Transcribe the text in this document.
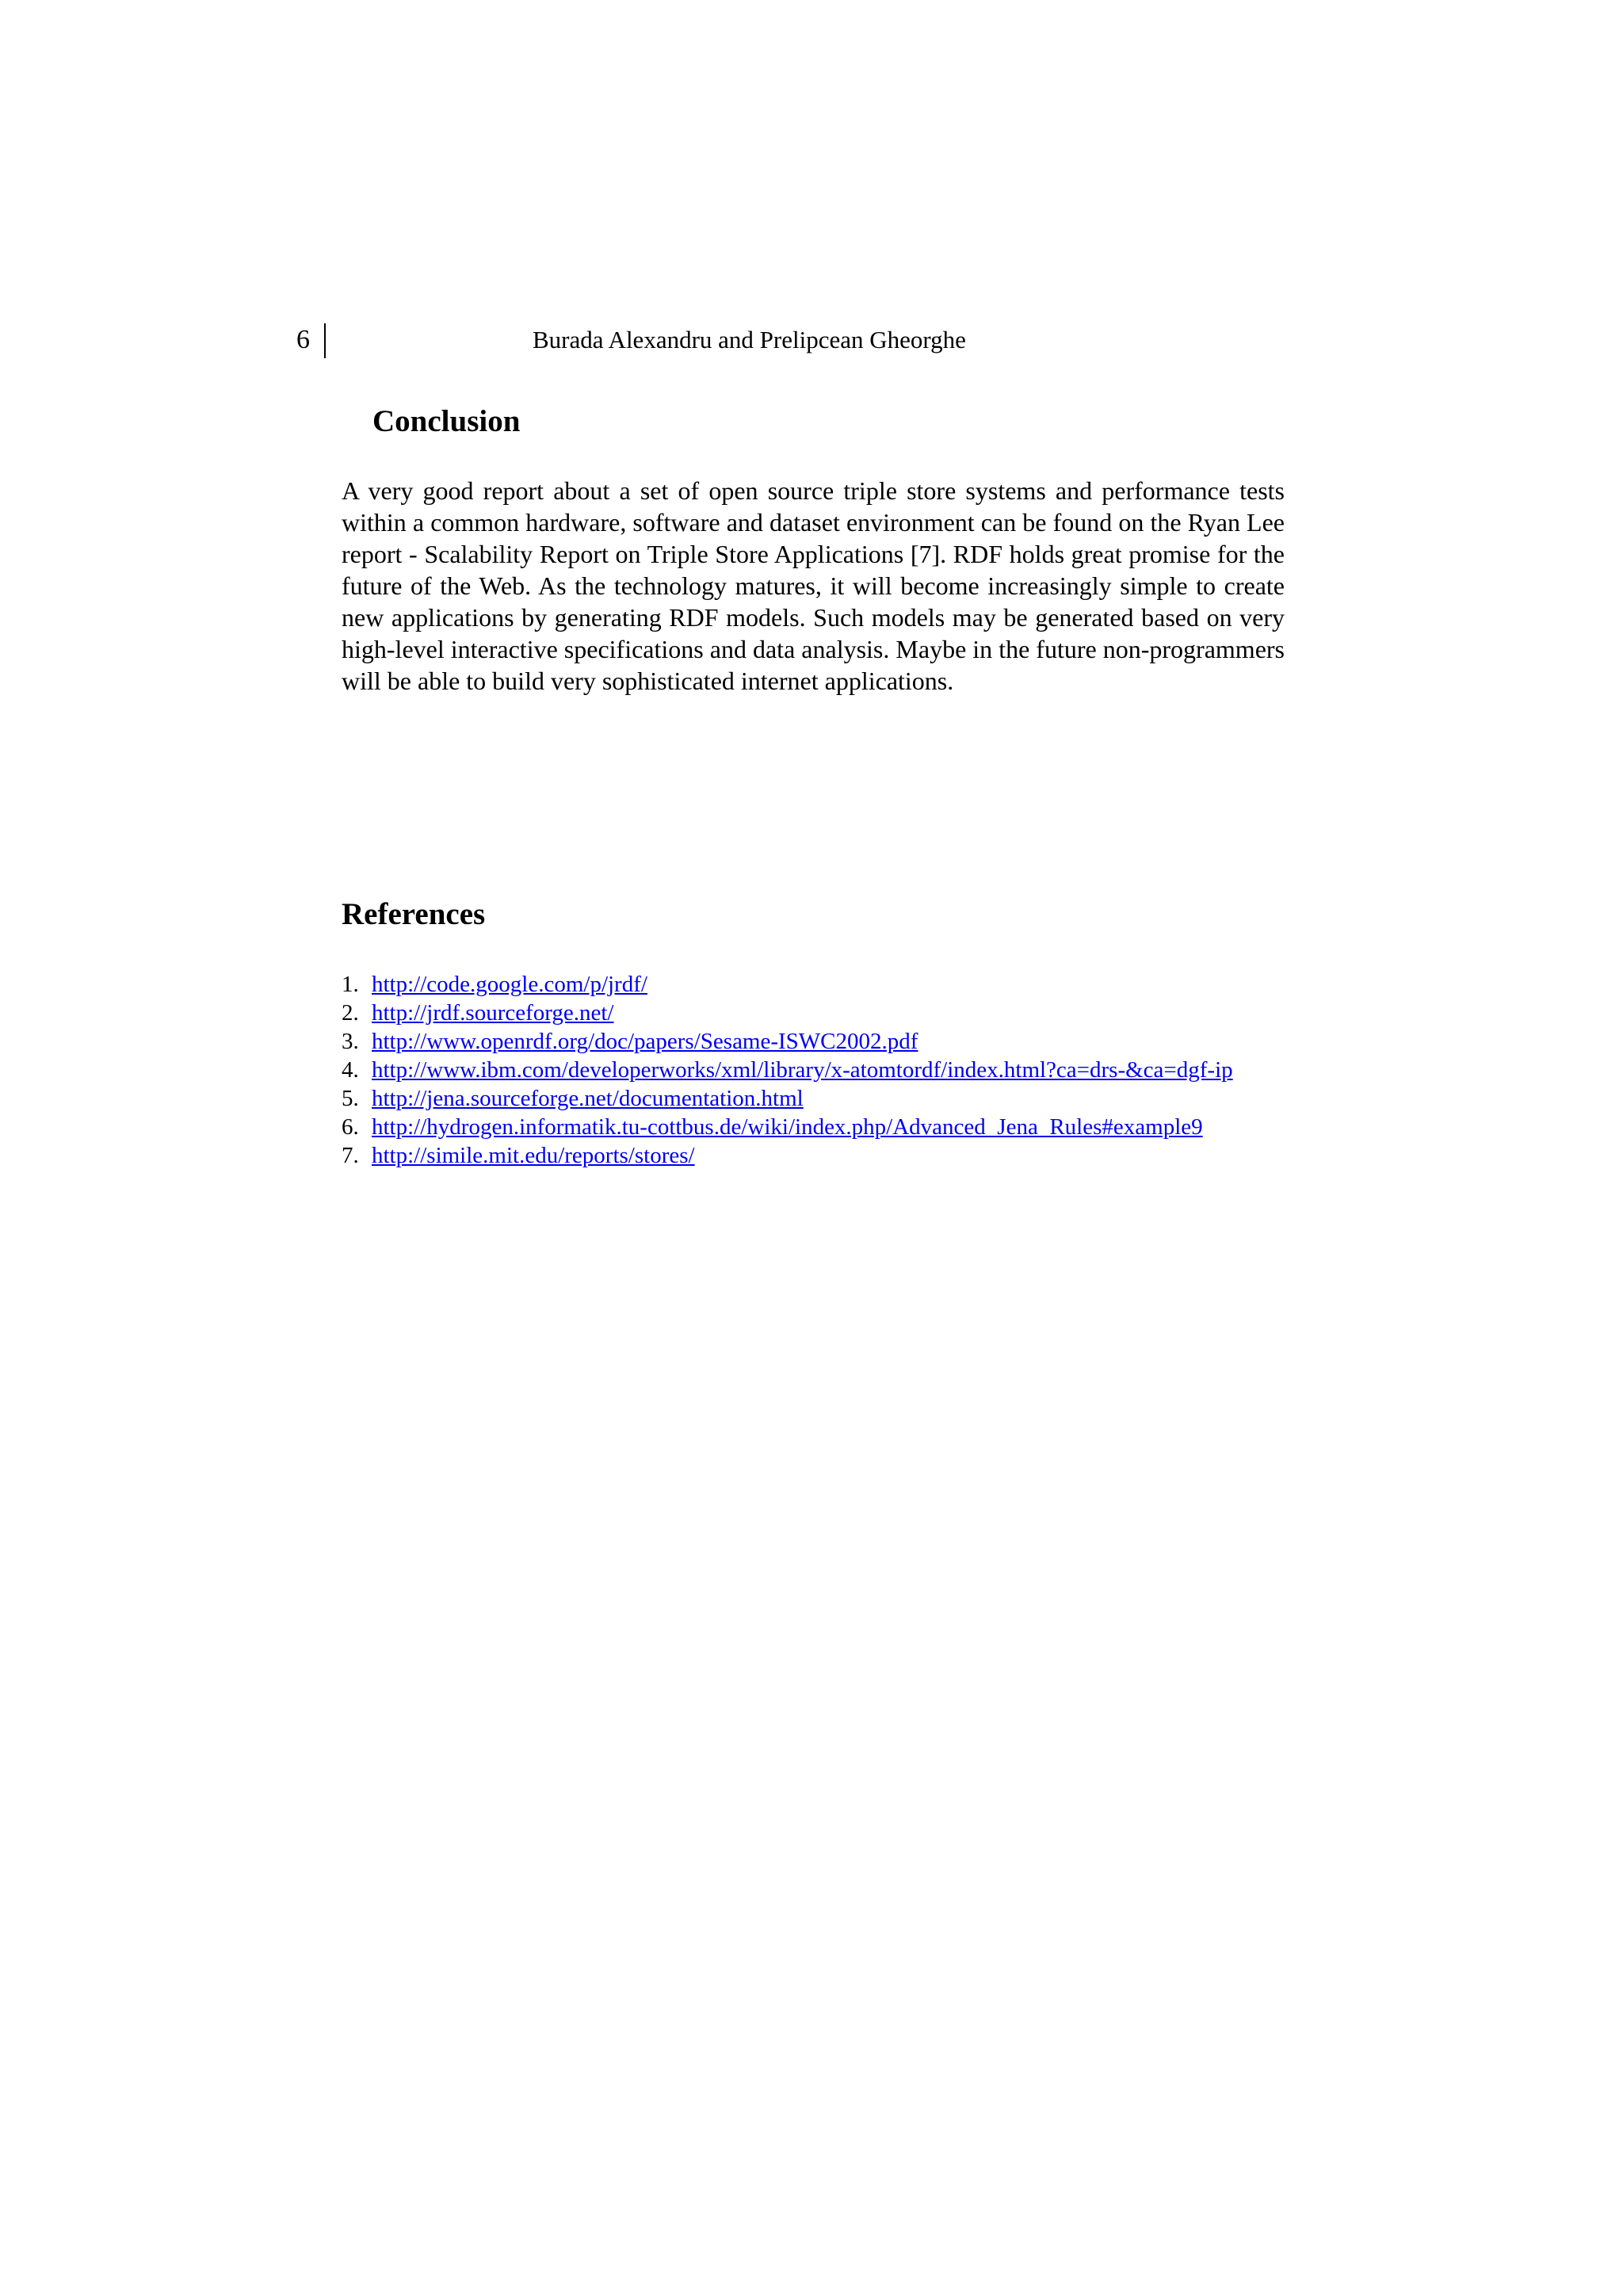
6	Burada Alexandru and Prelipcean Gheorghe
Conclusion

A very good report about a set of open source triple store systems and performance tests within a common hardware, software and dataset environment can be found on the Ryan Lee report - Scalability Report on Triple Store Applications [7]. RDF holds great promise for the future of the Web. As the technology matures, it will become increasingly simple to create new applications by generating RDF models. Such models may be generated based on very high-level interactive specifications and data analysis. Maybe in the future non-programmers will be able to build very sophisticated internet applications.

References
1. http://code.google.com/p/jrdf/
2. http://jrdf.sourceforge.net/
3. http://www.openrdf.org/doc/papers/Sesame-ISWC2002.pdf
4. http://www.ibm.com/developerworks/xml/library/x-atomtordf/index.html?ca=drs-&ca=dgf-ip
5. http://jena.sourceforge.net/documentation.html
6. http://hydrogen.informatik.tu-cottbus.de/wiki/index.php/Advanced_Jena_Rules#example9
7. http://simile.mit.edu/reports/stores/
